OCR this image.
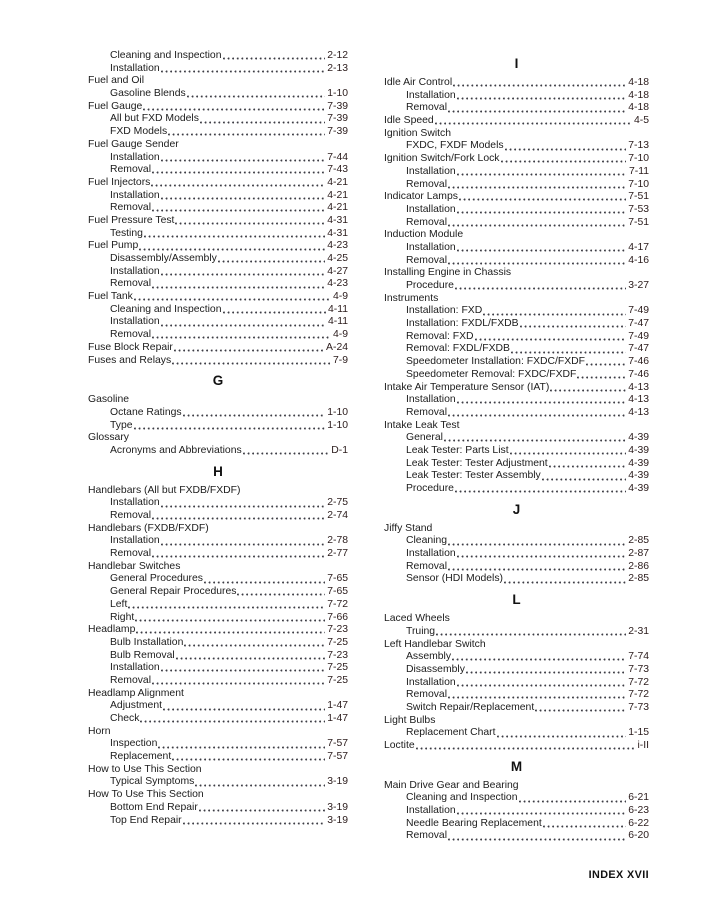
Cleaning and Inspection	2-12
Installation	2-13
Fuel and Oil
Gasoline Blends	1-10
Fuel Gauge	7-39
All but FXD Models	7-39
FXD Models	7-39
Fuel Gauge Sender
Installation	7-44
Removal	7-43
Fuel Injectors	4-21
Installation	4-21
Removal	4-21
Fuel Pressure Test	4-31
Testing	4-31
Fuel Pump	4-23
Disassembly/Assembly	4-25
Installation	4-27
Removal	4-23
Fuel Tank	4-9
Cleaning and Inspection	4-11
Installation	4-11
Removal	4-9
Fuse Block Repair	A-24
Fuses and Relays	7-9
G
Gasoline
Octane Ratings	1-10
Type	1-10
Glossary
Acronyms and Abbreviations	D-1
H
Handlebars (All but FXDB/FXDF)
Installation	2-75
Removal	2-74
Handlebars (FXDB/FXDF)
Installation	2-78
Removal	2-77
Handlebar Switches
General Procedures	7-65
General Repair Procedures	7-65
Left	7-72
Right	7-66
Headlamp	7-23
Bulb Installation	7-25
Bulb Removal	7-23
Installation	7-25
Removal	7-25
Headlamp Alignment
Adjustment	1-47
Check	1-47
Horn
Inspection	7-57
Replacement	7-57
How to Use This Section
Typical Symptoms	3-19
How To Use This Section
Bottom End Repair	3-19
Top End Repair	3-19
I
Idle Air Control	4-18
Installation	4-18
Removal	4-18
Idle Speed	4-5
Ignition Switch
FXDC, FXDF Models	7-13
Ignition Switch/Fork Lock	7-10
Installation	7-11
Removal	7-10
Indicator Lamps	7-51
Installation	7-53
Removal	7-51
Induction Module
Installation	4-17
Removal	4-16
Installing Engine in Chassis
Procedure	3-27
Instruments
Installation: FXD	7-49
Installation: FXDL/FXDB	7-47
Removal: FXD	7-49
Removal: FXDL/FXDB	7-47
Speedometer Installation: FXDC/FXDF	7-46
Speedometer Removal: FXDC/FXDF	7-46
Intake Air Temperature Sensor (IAT)	4-13
Installation	4-13
Removal	4-13
Intake Leak Test
General	4-39
Leak Tester: Parts List	4-39
Leak Tester: Tester Adjustment	4-39
Leak Tester: Tester Assembly	4-39
Procedure	4-39
J
Jiffy Stand
Cleaning	2-85
Installation	2-87
Removal	2-86
Sensor (HDI Models)	2-85
L
Laced Wheels
Truing	2-31
Left Handlebar Switch
Assembly	7-74
Disassembly	7-73
Installation	7-72
Removal	7-72
Switch Repair/Replacement	7-73
Light Bulbs
Replacement Chart	1-15
Loctite	i-II
M
Main Drive Gear and Bearing
Cleaning and Inspection	6-21
Installation	6-23
Needle Bearing Replacement	6-22
Removal	6-20
INDEX XVII
